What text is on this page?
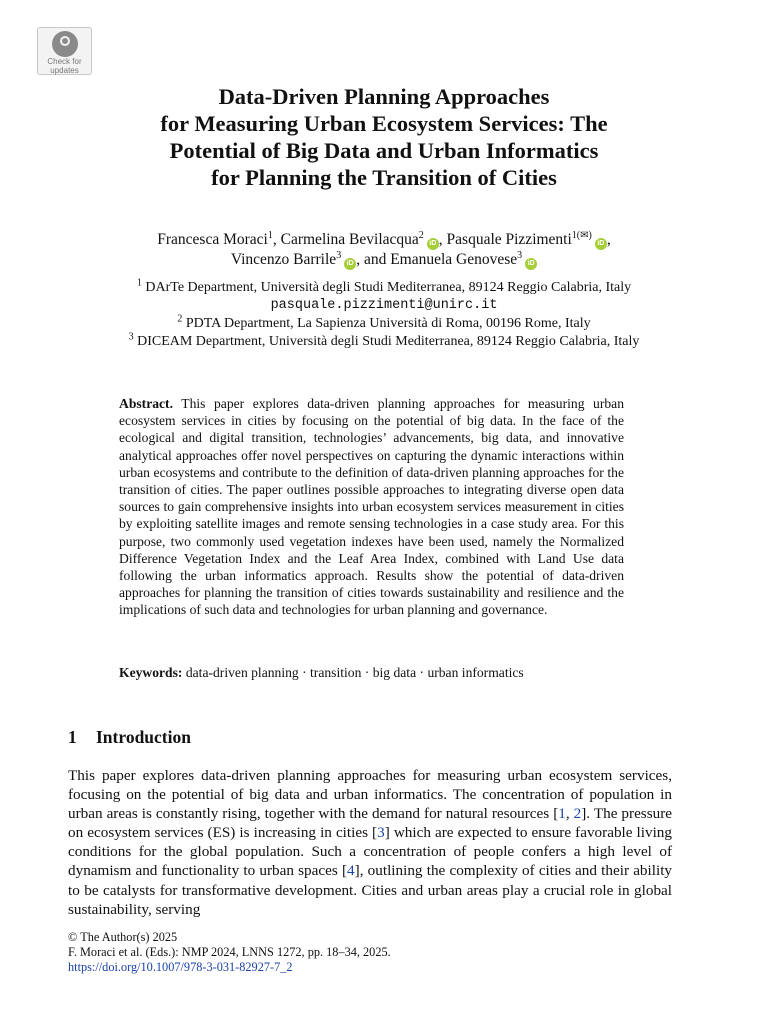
Check for
updates
Data-Driven Planning Approaches
for Measuring Urban Ecosystem Services: The
Potential of Big Data and Urban Informatics
for Planning the Transition of Cities
Francesca Moraci$^1$, Carmelina Bevilacqua$^2$iD , Pasquale Pizzimenti$^{1(✉)}$iD ,
Vincenzo Barrile$^3$iD , and Emanuela Genovese$^3$iD
$^1$ DArTe Department, Università degli Studi Mediterranea, 89124 Reggio Calabria, Italy
pasquale.pizzimenti@unirc.it
$^2$ PDTA Department, La Sapienza Università di Roma, 00196 Rome, Italy
$^3$ DICEAM Department, Università degli Studi Mediterranea, 89124 Reggio Calabria, Italy
Abstract. This paper explores data-driven planning approaches for measuring urban ecosystem services in cities by focusing on the potential of big data. In the face of the ecological and digital transition, technologies’ advancements, big data, and innovative analytical approaches offer novel perspectives on capturing the dynamic interactions within urban ecosystems and contribute to the definition of data-driven planning approaches for the transition of cities. The paper outlines possible approaches to integrating diverse open data sources to gain comprehensive insights into urban ecosystem services measurement in cities by exploiting satellite images and remote sensing technologies in a case study area. For this purpose, two commonly used vegetation indexes have been used, namely the Normalized Difference Vegetation Index and the Leaf Area Index, combined with Land Use data following the urban informatics approach. Results show the potential of data-driven approaches for planning the transition of cities towards sustainability and resilience and the implications of such data and technologies for urban planning and governance.
Keywords: data-driven planning · transition · big data · urban informatics
1 Introduction
This paper explores data-driven planning approaches for measuring urban ecosystem services, focusing on the potential of big data and urban informatics. The concentration of population in urban areas is constantly rising, together with the demand for natural resources [1, 2]. The pressure on ecosystem services (ES) is increasing in cities [3] which are expected to ensure favorable living conditions for the global population. Such a concentration of people confers a high level of dynamism and functionality to urban spaces [4], outlining the complexity of cities and their ability to be catalysts for transformative development. Cities and urban areas play a crucial role in global sustainability, serving
© The Author(s) 2025
F. Moraci et al. (Eds.): NMP 2024, LNNS 1272, pp. 18–34, 2025.
https://doi.org/10.1007/978-3-031-82927-7_2
